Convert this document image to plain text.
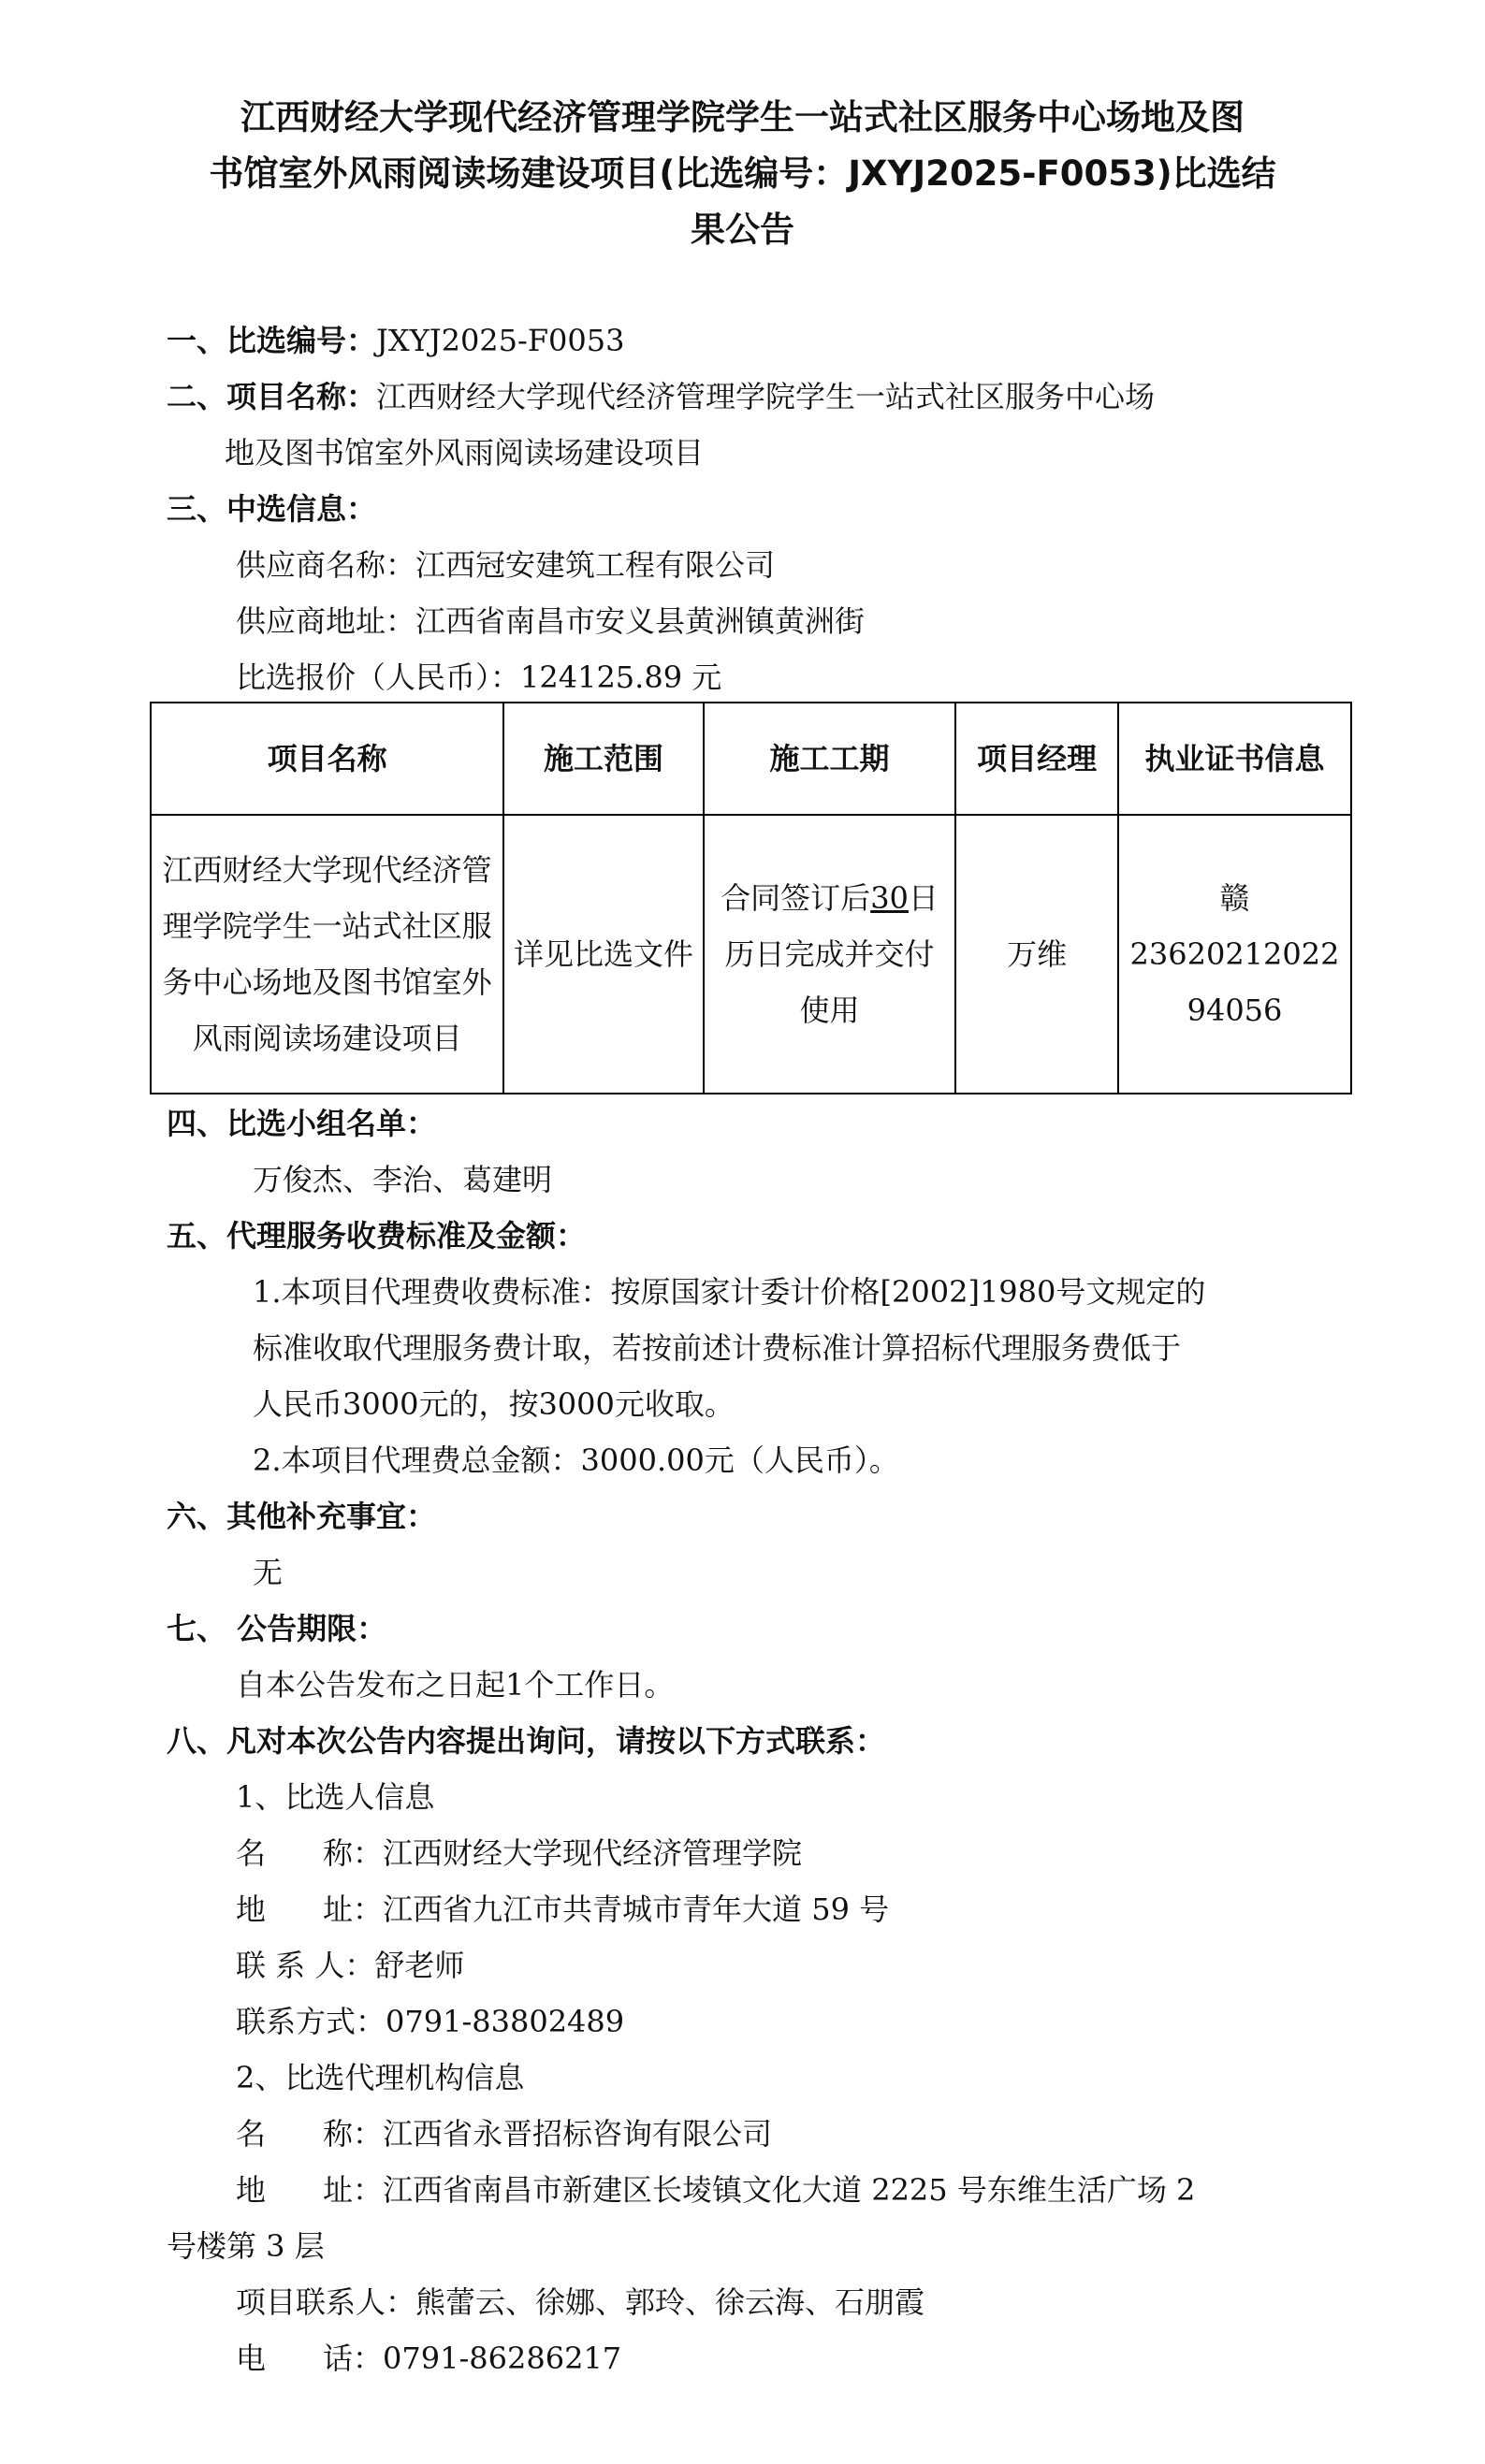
江西财经大学现代经济管理学院学生一站式社区服务中心场地及图
书馆室外风雨阅读场建设项目(比选编号：JXYJ2025-F0053)比选结
果公告
一、比选编号：JXYJ2025-F0053
二、项目名称：江西财经大学现代经济管理学院学生一站式社区服务中心场
地及图书馆室外风雨阅读场建设项目
三、中选信息：
供应商名称：江西冠安建筑工程有限公司
供应商地址：江西省南昌市安义县黄洲镇黄洲街
比选报价（人民币）：124125.89 元
项目名称	施工范围	施工工期	项目经理	执业证书信息
江西财经大学现代经济管理学院学生一站式社区服务中心场地及图书馆室外风雨阅读场建设项目	详见比选文件	合同签订后30日历日完成并交付使用	万维	赣
23620212022
94056
四、比选小组名单：
万俊杰、李治、葛建明
五、代理服务收费标准及金额：
1.本项目代理费收费标准：按原国家计委计价格[2002]1980号文规定的
标准收取代理服务费计取，若按前述计费标准计算招标代理服务费低于
人民币3000元的，按3000元收取。
2.本项目代理费总金额：3000.00元（人民币）。
六、其他补充事宜：
无
七、 公告期限：
自本公告发布之日起1个工作日。
八、凡对本次公告内容提出询问，请按以下方式联系：
1、比选人信息
名      称：江西财经大学现代经济管理学院
地      址：江西省九江市共青城市青年大道 59 号
联 系 人：舒老师
联系方式：0791-83802489
2、比选代理机构信息
名      称：江西省永晋招标咨询有限公司
地      址：江西省南昌市新建区长堎镇文化大道 2225 号东维生活广场 2
号楼第 3 层
项目联系人：熊蕾云、徐娜、郭玲、徐云海、石朋霞
电      话：0791-86286217
